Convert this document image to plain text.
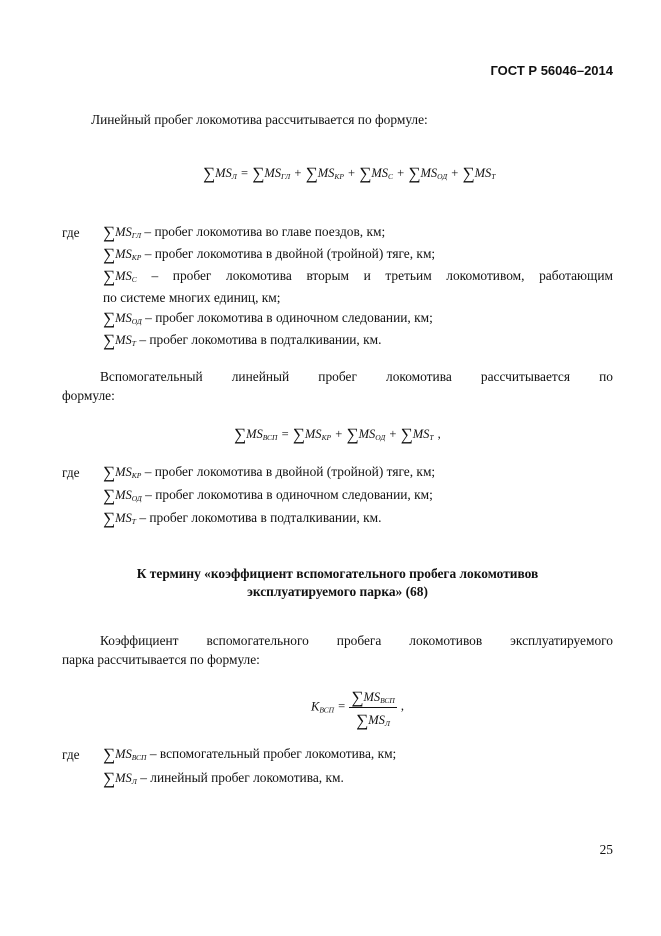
ГОСТ Р 56046–2014
Линейный пробег локомотива рассчитывается по формуле:
$\sum MS_Л = \sum MS_{ГЛ} + \sum MS_{КР} + \sum MS_С + \sum MS_{ОД} + \sum MS_Т$
где $\sum MS_{ГЛ}$ – пробег локомотива во главе поездов, км;
$\sum MS_{КР}$ – пробег локомотива в двойной (тройной) тяге, км;
$\sum MS_С$ – пробег локомотива вторым и третьим локомотивом, работающим
по системе многих единиц, км;
$\sum MS_{ОД}$ – пробег локомотива в одиночном следовании, км;
$\sum MS_Т$ – пробег локомотива в подталкивании, км.
Вспомогательный линейный пробег локомотива рассчитывается по
формуле:
$\sum MS_{ВСП} = \sum MS_{КР} + \sum MS_{ОД} + \sum MS_Т$ ,
где $\sum MS_{КР}$ – пробег локомотива в двойной (тройной) тяге, км;
$\sum MS_{ОД}$ – пробег локомотива в одиночном следовании, км;
$\sum MS_Т$ – пробег локомотива в подталкивании, км.
К термину «коэффициент вспомогательного пробега локомотивов
эксплуатируемого парка» (68)
Коэффициент вспомогательного пробега локомотивов эксплуатируемого
парка рассчитывается по формуле:
$K_{ВСП} = \frac{\sum MS_{ВСП}}{\sum MS_Л}$ ,
где $\sum MS_{ВСП}$ – вспомогательный пробег локомотива, км;
$\sum MS_Л$ – линейный пробег локомотива, км.
25
